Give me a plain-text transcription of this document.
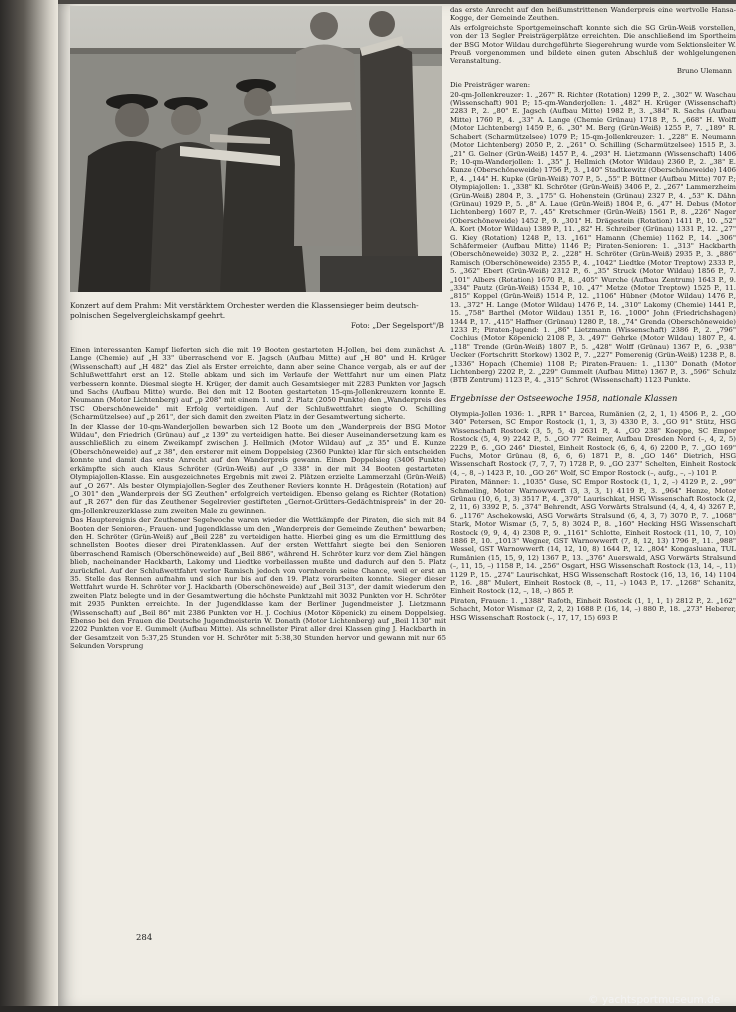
Konzert auf dem Prahm: Mit verstärktem Orchester werden die Klassensieger beim deutsch-polnischen Segelvergleichskampf geehrt.
Foto: „Der Segelsport"/B

Einen interessanten Kampf lieferten sich die mit 19 Booten gestarteten H-Jollen, bei dem zunächst A. Lange (Chemie) auf „H 33" überraschend vor E. Jagsch (Aufbau Mitte) auf „H 80" und H. Krüger (Wissenschaft) auf „H 482" das Ziel als Erster erreichte, dann aber seine Chance vergab, als er auf der Schlußwettfahrt erst an 12. Stelle abkam und sich im Verlaufe der Wettfahrt nur um einen Platz verbessern konnte. Diesmal siegte H. Krüger, der damit auch Gesamtsieger mit 2283 Punkten vor Jagsch und Sachs (Aufbau Mitte) wurde. Bei den mit 12 Booten gestarteten 15-qm-Jollenkreuzern konnte E. Neumann (Motor Lichtenberg) auf „p 208" mit einem 1. und 2. Platz (2050 Punkte) den „Wanderpreis des TSC Oberschöneweide" mit Erfolg verteidigen. Auf der Schlußwettfahrt siegte O. Schilling (Scharmützelsee) auf „p 261", der sich damit den zweiten Platz in der Gesamtwertung sicherte.

In der Klasse der 10-qm-Wanderjollen bewarben sich 12 Boote um den „Wanderpreis der BSG Motor Wildau", den Friedrich (Grünau) auf „z 139" zu verteidigen hatte. Bei dieser Auseinandersetzung kam es ausschließlich zu einem Zweikampf zwischen J. Hellmich (Motor Wildau) auf „z 35" und E. Kunze (Oberschöneweide) auf „z 38", den ersterer mit einem Doppelsieg (2360 Punkte) klar für sich entscheiden konnte und damit das erste Anrecht auf den Wanderpreis gewann. Einen Doppelsieg (3406 Punkte) erkämpfte sich auch Klaus Schröter (Grün-Weiß) auf „O 338" in der mit 34 Booten gestarteten Olympiajollen-Klasse. Ein ausgezeichnetes Ergebnis mit zwei 2. Plätzen erzielte Lammerzahl (Grün-Weiß) auf „O 267". Als bester Olympiajollen-Segler des Zeuthener Reviers konnte H. Drägestein (Rotation) auf „O 301" den „Wanderpreis der SG Zeuthen" erfolgreich verteidigen. Ebenso gelang es Richter (Rotation) auf „R 267" den für das Zeuthener Segelrevier gestifteten „Gernot-Grütters-Gedächtnispreis" in der 20-qm-Jollenkreuzerklasse zum zweiten Male zu gewinnen.

Das Hauptereignis der Zeuthener Segelwoche waren wieder die Wettkämpfe der Piraten, die sich mit 84 Booten der Senioren-, Frauen- und Jugendklasse um den „Wanderpreis der Gemeinde Zeuthen" bewarben; den H. Schröter (Grün-Weiß) auf „Beil 228" zu verteidigen hatte. Hierbei ging es um die Ermittlung des schnellsten Bootes dieser drei Piratenklassen. Auf der ersten Wettfahrt siegte bei den Senioren überraschend Ramisch (Oberschöneweide) auf „Beil 886", während H. Schröter kurz vor dem Ziel hängen blieb, nacheinander Hackbarth, Lakomy und Liedtke vorbeilassen mußte und dadurch auf den 5. Platz zurückfiel. Auf der Schlußwettfahrt verlor Ramisch jedoch von vornherein seine Chance, weil er erst an 35. Stelle das Rennen aufnahm und sich nur bis auf den 19. Platz vorarbeiten konnte. Sieger dieser Wettfahrt wurde H. Schröter vor J. Hackbarth (Oberschöneweide) auf „Beil 313", der damit wiederum den zweiten Platz belegte und in der Gesamtwertung die höchste Punktzahl mit 3032 Punkten vor H. Schröter mit 2935 Punkten erreichte. In der Jugendklasse kam der Berliner Jugendmeister J. Lietzmann (Wissenschaft) auf „Beil 86" mit 2386 Punkten vor H. J. Cochius (Motor Köpenick) zu einem Doppelsieg. Ebenso bei den Frauen die Deutsche Jugendmeisterin W. Donath (Motor Lichtenberg) auf „Beil 1130" mit 2202 Punkten vor E. Gummelt (Aufbau Mitte). Als schnellster Pirat aller drei Klassen ging J. Hackbarth in der Gesamtzeit von 5:37,25 Stunden vor H. Schröter mit 5:38,30 Stunden hervor und gewann mit nur 65 Sekunden Vorsprung

das erste Anrecht auf den heißumstrittenen Wanderpreis eine wertvolle Hansa-Kogge, der Gemeinde Zeuthen.

Als erfolgreichste Sportgemeinschaft konnte sich die SG Grün-Weiß vorstellen, von der 13 Segler Preisträgerplätze erreichten. Die anschließend im Sportheim der BSG Motor Wildau durchgeführte Siegerehrung wurde vom Sektionsleiter W. Preuß vorgenommen und bildete einen guten Abschluß der wohlgelungenen Veranstaltung.

Bruno Ulemann

Die Preisträger waren:

20-qm-Jollenkreuzer: 1. „267" R. Richter (Rotation) 1299 P., 2. „302" W. Waschau (Wissenschaft) 901 P.; 15-qm-Wanderjollen: 1. „482" H. Krüger (Wissenschaft) 2283 P., 2. „80" E. Jagsch (Aufbau Mitte) 1982 P., 3. „384" R. Sachs (Aufbau Mitte) 1760 P., 4. „33" A. Lange (Chemie Grünau) 1718 P., 5. „668" H. Wolff (Motor Lichtenberg) 1459 P., 6. „30" M. Berg (Grün-Weiß) 1255 P., 7. „189" R. Schabert (Scharmützelsee) 1079 P.; 15-qm-Jollenkreuzer: 1. „228" E. Neumann (Motor Lichtenberg) 2050 P., 2. „261" O. Schilling (Scharmützelsee) 1515 P., 3. „21" G. Gelner (Grün-Weiß) 1457 P., 4. „293" H. Lietzmann (Wissenschaft) 1406 P.; 10-qm-Wanderjollen: 1. „35" J. Hellmich (Motor Wildau) 2360 P., 2. „38" E. Kunze (Oberschöneweide) 1756 P., 3. „140" Stadtkewitz (Oberschöneweide) 1406 P., 4. „144" H. Kupke (Grün-Weiß) 707 P., 5. „55" P. Büttner (Aufbau Mitte) 707 P.; Olympiajollen: 1. „338" Kl. Schröter (Grün-Weiß) 3406 P., 2. „267" Lammerzheim (Grün-Weiß) 2804 P., 3. „175" G. Hohenstein (Grünau) 2327 P., 4. „53" K. Dähn (Grünau) 1929 P., 5. „8" A. Laue (Grün-Weiß) 1804 P., 6. „47" H. Debus (Motor Lichtenberg) 1607 P., 7. „45" Kretschmer (Grün-Weiß) 1561 P., 8. „226" Nager (Oberschöneweide) 1452 P., 9. „301" H. Drägestein (Rotation) 1411 P., 10. „52" A. Kort (Motor Wildau) 1389 P., 11. „82" H. Schreiber (Grünau) 1331 P., 12. „27" G. Kiey (Rotation) 1248 P., 13. „161" Hamann (Chemie) 1162 P., 14. „306" Schäfermeier (Aufbau Mitte) 1146 P.; Piraten-Senioren: 1. „313" Hackbarth (Oberschöneweide) 3032 P., 2. „228" H. Schröter (Grün-Weiß) 2935 P., 3. „886" Ramisch (Oberschöneweide) 2355 P., 4. „1042" Liedtke (Motor Treptow) 2333 P., 5. „362" Ebert (Grün-Weiß) 2312 P., 6. „35" Struck (Motor Wildau) 1856 P., 7. „101" Albers (Rotation) 1670 P., 8. „405" Wurche (Aufbau Zentrum) 1643 P., 9. „334" Pautz (Grün-Weiß) 1534 P., 10. „47" Metze (Motor Treptow) 1525 P., 11. „815" Koppel (Grün-Weiß) 1514 P., 12. „1106" Hübner (Motor Wildau) 1476 P., 13. „372" H. Lange (Motor Wildau) 1476 P., 14. „310" Lakomy (Chemie) 1441 P., 15. „758" Barthel (Motor Wildau) 1351 P., 16. „1000" John (Friedrichshagen) 1344 P., 17. „415" Haffner (Grünau) 1280 P., 18. „74" Grenda (Oberschöneweide) 1233 P.; Piraten-Jugend: 1. „86" Lietzmann (Wissenschaft) 2386 P., 2. „796" Cochius (Motor Köpenick) 2108 P., 3. „497" Gehrke (Motor Wildau) 1807 P., 4. „118" Trende (Grün-Weiß) 1807 P., 5. „428" Wolff (Grünau) 1367 P., 6. „938" Uecker (Fortschritt Storkow) 1302 P., 7. „227" Pomerenig (Grün-Weiß) 1238 P., 8. „1336" Hopach (Chemie) 1108 P.; Piraten-Frauen: 1. „1130" Donath (Motor Lichtenberg) 2202 P., 2. „229" Gummelt (Aufbau Mitte) 1367 P., 3. „596" Schulz (BTB Zentrum) 1123 P., 4. „315" Schrot (Wissenschaft) 1123 Punkte.

Ergebnisse der Ostseewoche 1958, nationale Klassen

Olympia-Jollen 1936: 1. „RPR 1" Barcea, Rumänien (2, 2, 1, 1) 4506 P., 2. „GO 340" Petersen, SC Empor Rostock (1, 1, 3, 3) 4330 P., 3. „GO 91" Stütz, HSG Wissenschaft Rostock (3, 5, 5, 4) 2631 P., 4. „GO 238" Koeppe, SC Empor Rostock (5, 4, 9) 2242 P., 5. „GO 77" Reimer, Aufbau Dresden Nord (–, 4, 2, 5) 2229 P., 6. „GO 246" Diestel, Einheit Rostock (6, 6, 4, 6) 2200 P., 7. „GO 169" Fuchs, Motor Grünau (8, 6, 6, 6) 1871 P., 8. „GO 146" Dietrich, HSG Wissenschaft Rostock (7, 7, 7, 7) 1728 P., 9. „GO 237" Schelten, Einheit Rostock (4, –, 8, –) 1423 P., 10. „GO 26" Wolf, SC Empor Rostock (–, aufg., –, –) 101 P.

Piraten, Männer: 1. „1035" Guse, SC Empor Rostock (1, 1, 2, –) 4129 P., 2. „99" Schmeling, Motor Warnowwerft (3, 3, 3, 1) 4119 P., 3. „964" Henze, Motor Grünau (10, 6, 1, 3) 3517 P., 4. „370" Laurischkat, HSG Wissenschaft Rostock (2, 2, 11, 6) 3392 P., 5. „374" Behrendt, ASG Vorwärts Stralsund (4, 4, 4, 4) 3267 P., 6. „1176" Aschekowski, ASG Vorwärts Stralsund (6, 4, 3, 7) 3070 P., 7. „1068" Stark, Motor Wismar (5, 7, 5, 8) 3024 P., 8. „160" Hecking HSG Wissenschaft Rostock (9, 9, 4, 4) 2308 P., 9. „1161" Schlotte, Einheit Rostock (11, 10, 7, 10) 1886 P., 10. „1013" Wegner, GST Warnowwerft (7, 8, 12, 13) 1796 P., 11. „988" Wessel, GST Warnowwerft (14, 12, 10, 8) 1644 P., 12. „804" Kongasluana, TUL Rumänien (15, 15, 9, 12) 1367 P., 13. „376" Auerswald, ASG Vorwärts Stralsund (–, 11, 15, –) 1158 P., 14. „256" Osgart, HSG Wissenschaft Rostock (13, 14, –, 11) 1129 P., 15. „274" Laurischkat, HSG Wissenschaft Rostock (16, 13, 16, 14) 1104 P., 16. „88" Mulert, Einheit Rostock (8, –, 11, –) 1043 P., 17. „1268" Schanitz, Einheit Rostock (12, –, 18, –) 865 P.

Piraten, Frauen: 1. „1388" Rafoth, Einheit Rostock (1, 1, 1, 1) 2812 P., 2. „162" Schacht, Motor Wismar (2, 2, 2, 2) 1688 P. (16, 14, –) 880 P., 18. „273" Heberer, HSG Wissenschaft Rostock (–, 17, 17, 15) 693 P.

284
© yachtsportmuseum.de
